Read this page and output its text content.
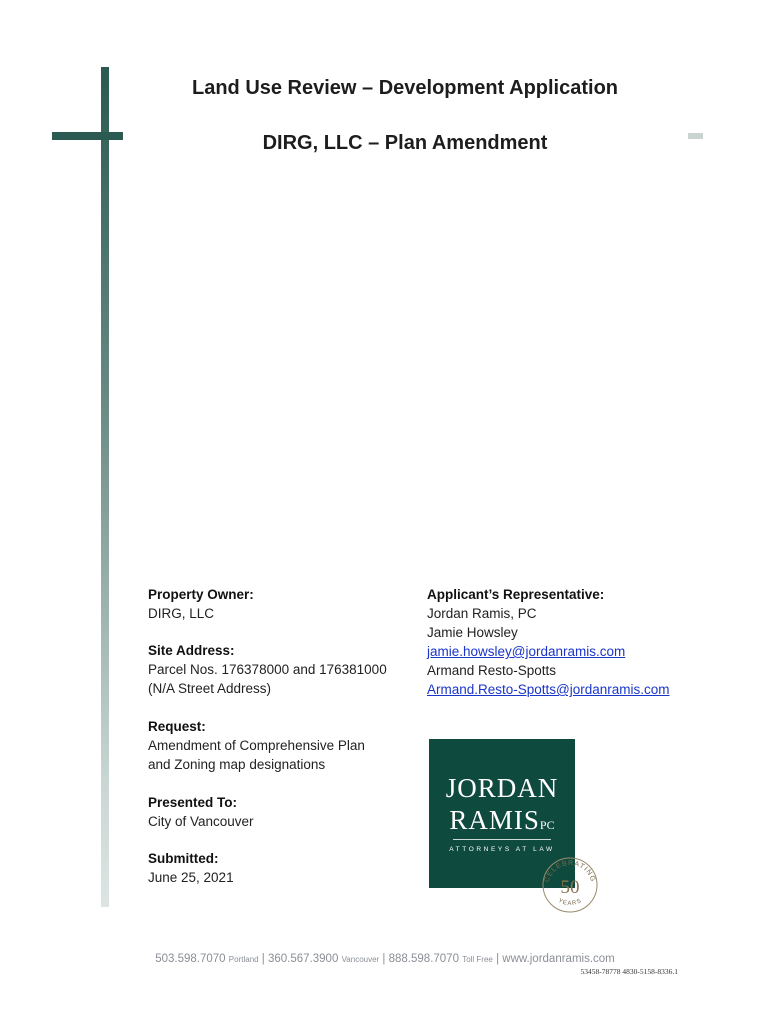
Land Use Review – Development Application
DIRG, LLC – Plan Amendment
Property Owner:
DIRG, LLC
Site Address:
Parcel Nos. 176378000 and 176381000
(N/A Street Address)
Request:
Amendment of Comprehensive Plan
and Zoning map designations
Presented To:
City of Vancouver
Submitted:
June 25, 2021
Applicant’s Representative:
Jordan Ramis, PC
Jamie Howsley
jamie.howsley@jordanramis.com
Armand Resto-Spotts
Armand.Resto-Spotts@jordanramis.com
JORDAN
RAMISPC
ATTORNEYS AT LAW
CELEBRATING
50
YEARS
503.598.7070 Portland | 360.567.3900 Vancouver | 888.598.7070 Toll Free | www.jordanramis.com
53458-78778 4830-5158-8336.1
